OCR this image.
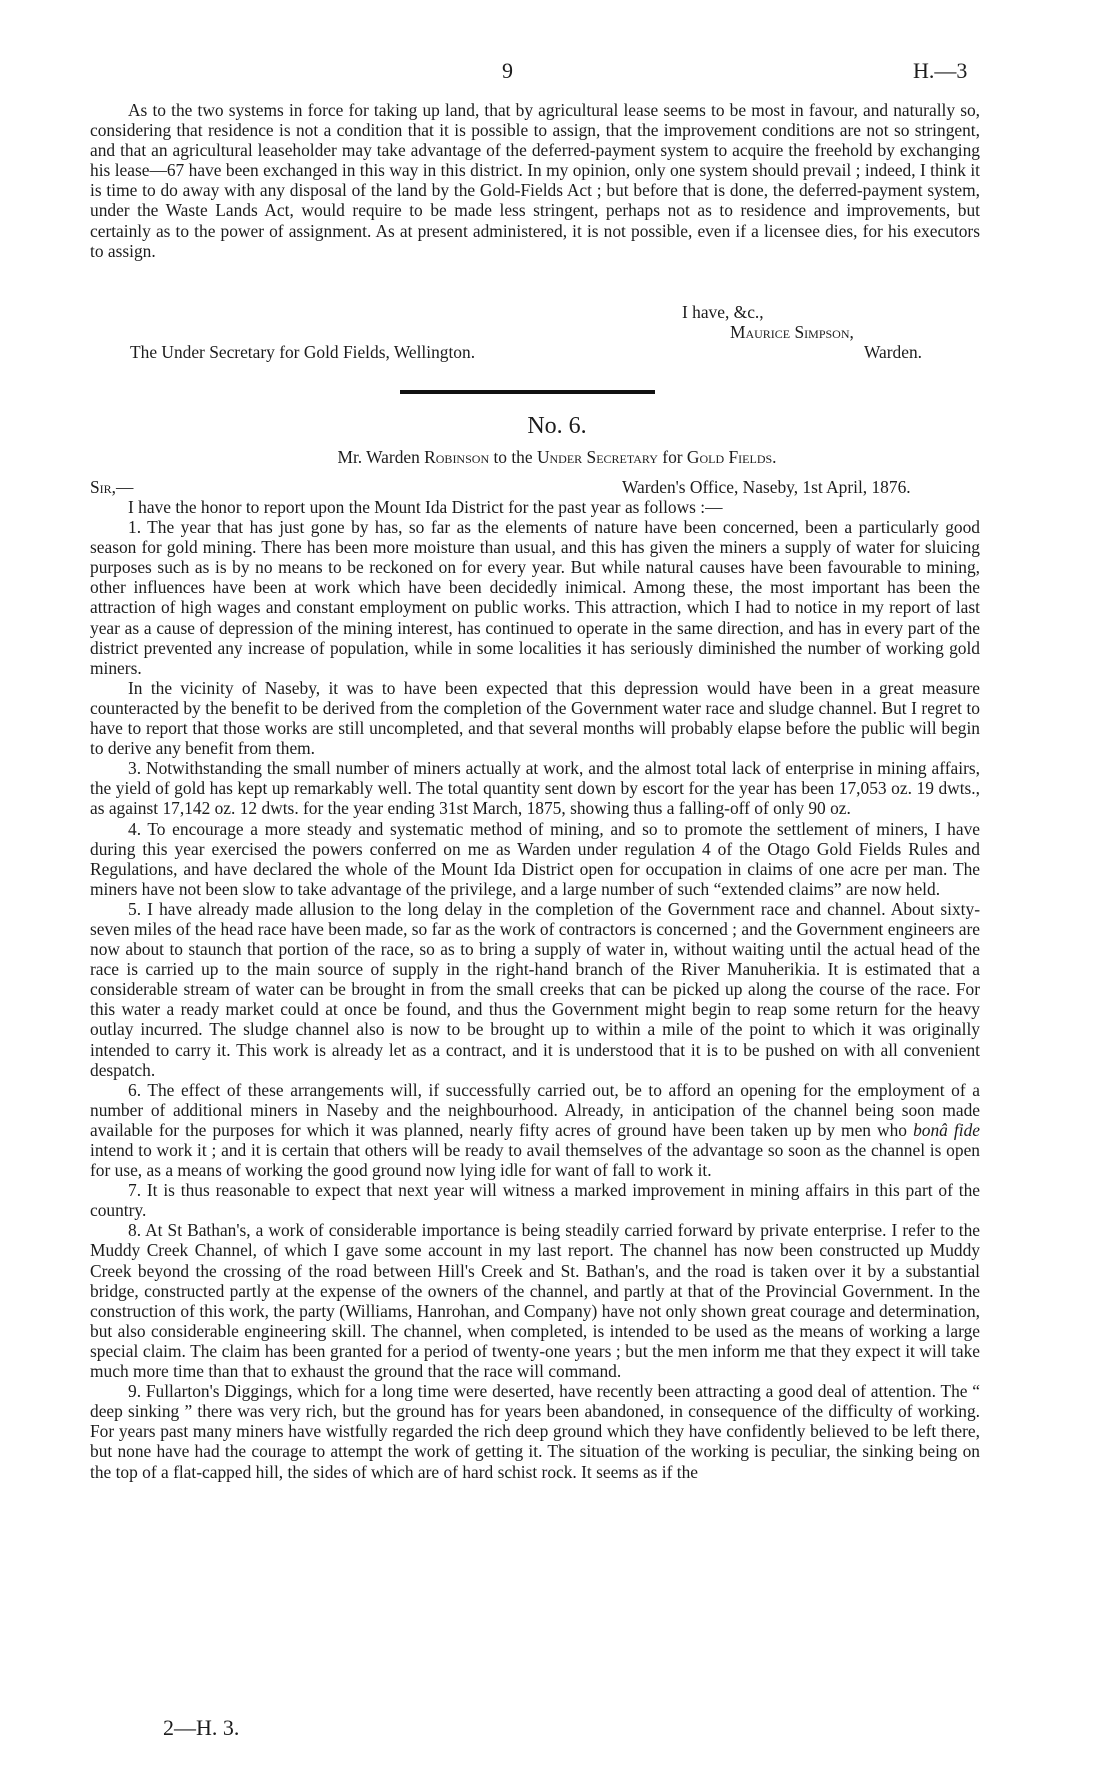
9	H.—3

As to the two systems in force for taking up land, that by agricultural lease seems to be most in favour, and naturally so, considering that residence is not a condition that it is possible to assign, that the improvement conditions are not so stringent, and that an agricultural leaseholder may take advantage of the deferred-payment system to acquire the freehold by exchanging his lease—67 have been exchanged in this way in this district. In my opinion, only one system should prevail ; indeed, I think it is time to do away with any disposal of the land by the Gold-Fields Act ; but before that is done, the deferred-payment system, under the Waste Lands Act, would require to be made less stringent, perhaps not as to residence and improvements, but certainly as to the power of assignment. As at present administered, it is not possible, even if a licensee dies, for his executors to assign.

I have, &c.,
Maurice Simpson,
The Under Secretary for Gold Fields, Wellington.	Warden.
No. 6.
Mr. Warden Robinson to the Under Secretary for Gold Fields.
Sir,—	Warden's Office, Naseby, 1st April, 1876.

I have the honor to report upon the Mount Ida District for the past year as follows :—

1. The year that has just gone by has, so far as the elements of nature have been concerned, been a particularly good season for gold mining. There has been more moisture than usual, and this has given the miners a supply of water for sluicing purposes such as is by no means to be reckoned on for every year. But while natural causes have been favourable to mining, other influences have been at work which have been decidedly inimical. Among these, the most important has been the attraction of high wages and constant employment on public works. This attraction, which I had to notice in my report of last year as a cause of depression of the mining interest, has continued to operate in the same direction, and has in every part of the district prevented any increase of population, while in some localities it has seriously diminished the number of working gold miners.

In the vicinity of Naseby, it was to have been expected that this depression would have been in a great measure counteracted by the benefit to be derived from the completion of the Government water race and sludge channel. But I regret to have to report that those works are still uncompleted, and that several months will probably elapse before the public will begin to derive any benefit from them.

3. Notwithstanding the small number of miners actually at work, and the almost total lack of enterprise in mining affairs, the yield of gold has kept up remarkably well. The total quantity sent down by escort for the year has been 17,053 oz. 19 dwts., as against 17,142 oz. 12 dwts. for the year ending 31st March, 1875, showing thus a falling-off of only 90 oz.

4. To encourage a more steady and systematic method of mining, and so to promote the settlement of miners, I have during this year exercised the powers conferred on me as Warden under regulation 4 of the Otago Gold Fields Rules and Regulations, and have declared the whole of the Mount Ida District open for occupation in claims of one acre per man. The miners have not been slow to take advantage of the privilege, and a large number of such “extended claims” are now held.

5. I have already made allusion to the long delay in the completion of the Government race and channel. About sixty-seven miles of the head race have been made, so far as the work of contractors is concerned ; and the Government engineers are now about to staunch that portion of the race, so as to bring a supply of water in, without waiting until the actual head of the race is carried up to the main source of supply in the right-hand branch of the River Manuherikia. It is estimated that a considerable stream of water can be brought in from the small creeks that can be picked up along the course of the race. For this water a ready market could at once be found, and thus the Government might begin to reap some return for the heavy outlay incurred. The sludge channel also is now to be brought up to within a mile of the point to which it was originally intended to carry it. This work is already let as a contract, and it is understood that it is to be pushed on with all convenient despatch.

6. The effect of these arrangements will, if successfully carried out, be to afford an opening for the employment of a number of additional miners in Naseby and the neighbourhood. Already, in anticipation of the channel being soon made available for the purposes for which it was planned, nearly fifty acres of ground have been taken up by men who bonâ fide intend to work it ; and it is certain that others will be ready to avail themselves of the advantage so soon as the channel is open for use, as a means of working the good ground now lying idle for want of fall to work it.

7. It is thus reasonable to expect that next year will witness a marked improvement in mining affairs in this part of the country.

8. At St Bathan's, a work of considerable importance is being steadily carried forward by private enterprise. I refer to the Muddy Creek Channel, of which I gave some account in my last report. The channel has now been constructed up Muddy Creek beyond the crossing of the road between Hill's Creek and St. Bathan's, and the road is taken over it by a substantial bridge, constructed partly at the expense of the owners of the channel, and partly at that of the Provincial Government. In the construction of this work, the party (Williams, Hanrohan, and Company) have not only shown great courage and determination, but also considerable engineering skill. The channel, when completed, is intended to be used as the means of working a large special claim. The claim has been granted for a period of twenty-one years ; but the men inform me that they expect it will take much more time than that to exhaust the ground that the race will command.

9. Fullarton's Diggings, which for a long time were deserted, have recently been attracting a good deal of attention. The “ deep sinking ” there was very rich, but the ground has for years been abandoned, in consequence of the difficulty of working. For years past many miners have wistfully regarded the rich deep ground which they have confidently believed to be left there, but none have had the courage to attempt the work of getting it. The situation of the working is peculiar, the sinking being on the top of a flat-capped hill, the sides of which are of hard schist rock. It seems as if the

2—H. 3.
